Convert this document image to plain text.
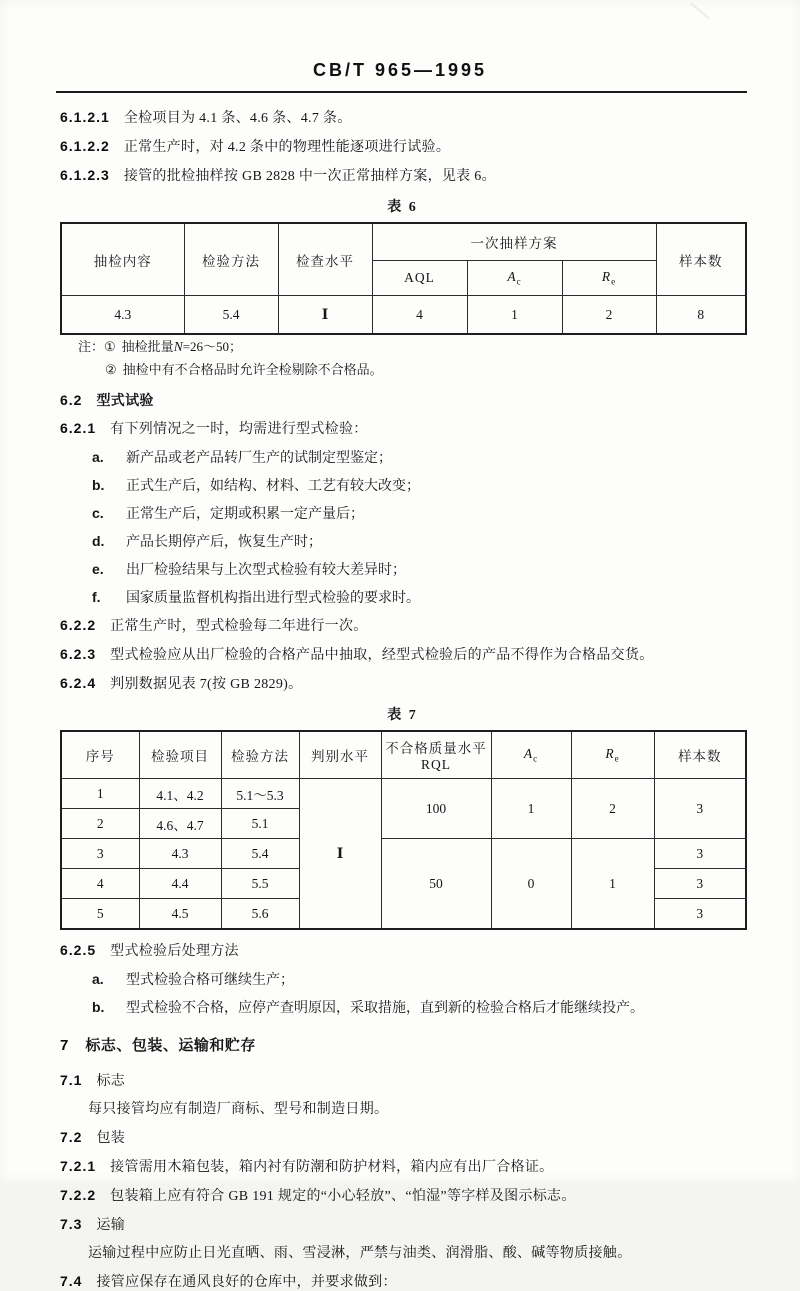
CB/T 965—1995
6.1.2.1 全检项目为 4.1 条、4.6 条、4.7 条。
6.1.2.2 正常生产时，对 4.2 条中的物理性能逐项进行试验。
6.1.2.3 接管的批检抽样按 GB 2828 中一次正常抽样方案，见表 6。
表 6
抽检内容	检验方法	检查水平	一次抽样方案			样本数
			AQL	$A_c$	$R_e$
4.3	5.4	Ⅰ	4	1	2	8
注： ① 抽检批量 N =26～50；
② 抽检中有不合格品时允许全检剔除不合格品。
6.2 型式试验
6.2.1 有下列情况之一时，均需进行型式检验：
a.	新产品或老产品转厂生产的试制定型鉴定；
b.	正式生产后，如结构、材料、工艺有较大改变；
c.	正常生产后，定期或积累一定产量后；
d.	产品长期停产后，恢复生产时；
e.	出厂检验结果与上次型式检验有较大差异时；
f.	国家质量监督机构指出进行型式检验的要求时。
6.2.2 正常生产时，型式检验每二年进行一次。
6.2.3 型式检验应从出厂检验的合格产品中抽取，经型式检验后的产品不得作为合格品交货。
6.2.4 判别数据见表 7(按 GB 2829)。
表 7
序号	检验项目	检验方法	判别水平	不合格质量水平
RQL	$A_c$	$R_e$	样本数
1	4.1、4.2	5.1～5.3	Ⅰ	100	1	2	3
2	4.6、4.7	5.1					
3	4.3	5.4		50	0	1	3
4	4.4	5.5					3
5	4.5	5.6					3
6.2.5 型式检验后处理方法
a.	型式检验合格可继续生产；
b.	型式检验不合格，应停产查明原因，采取措施，直到新的检验合格后才能继续投产。
7 标志、包装、运输和贮存
7.1 标志
每只接管均应有制造厂商标、型号和制造日期。
7.2 包装
7.2.1 接管需用木箱包装，箱内衬有防潮和防护材料，箱内应有出厂合格证。
7.2.2 包装箱上应有符合 GB 191 规定的“小心轻放”、“怕湿”等字样及图示标志。
7.3 运输
运输过程中应防止日光直晒、雨、雪浸淋，严禁与油类、润滑脂、酸、碱等物质接触。
7.4 接管应保存在通风良好的仓库中，并要求做到：
